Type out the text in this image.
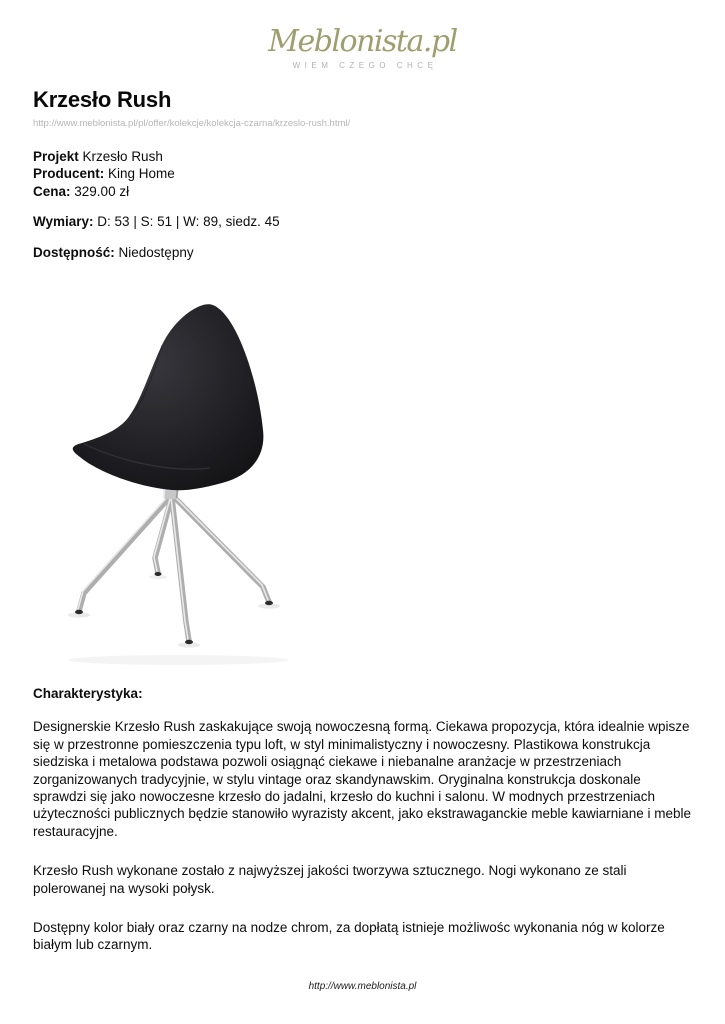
Meblonista.pl
WIEM CZEGO CHCĘ
Krzesło Rush
http://www.meblonista.pl/pl/offer/kolekcje/kolekcja-czarna/krzeslo-rush.html/
Projekt Krzesło Rush
Producent: King Home
Cena: 329.00 zł
Wymiary: D: 53 | S: 51 | W: 89, siedz. 45
Dostępność: Niedostępny
Charakterystyka:

Designerskie Krzesło Rush zaskakujące swoją nowoczesną formą. Ciekawa propozycja, która idealnie wpisze się w przestronne pomieszczenia typu loft, w styl minimalistyczny i nowoczesny. Plastikowa konstrukcja siedziska i metalowa podstawa pozwoli osiągnąć ciekawe i niebanalne aranżacje w przestrzeniach zorganizowanych tradycyjnie, w stylu vintage oraz skandynawskim. Oryginalna konstrukcja doskonale sprawdzi się jako nowoczesne krzesło do jadalni, krzesło do kuchni i salonu. W modnych przestrzeniach użyteczności publicznych będzie stanowiło wyrazisty akcent, jako ekstrawaganckie meble kawiarniane i meble restauracyjne.

Krzesło Rush wykonane zostało z najwyższej jakości tworzywa sztucznego. Nogi wykonano ze stali polerowanej na wysoki połysk.

Dostępny kolor biały oraz czarny na nodze chrom, za dopłatą istnieje możliwośc wykonania nóg w kolorze białym lub czarnym.

http://www.meblonista.pl
